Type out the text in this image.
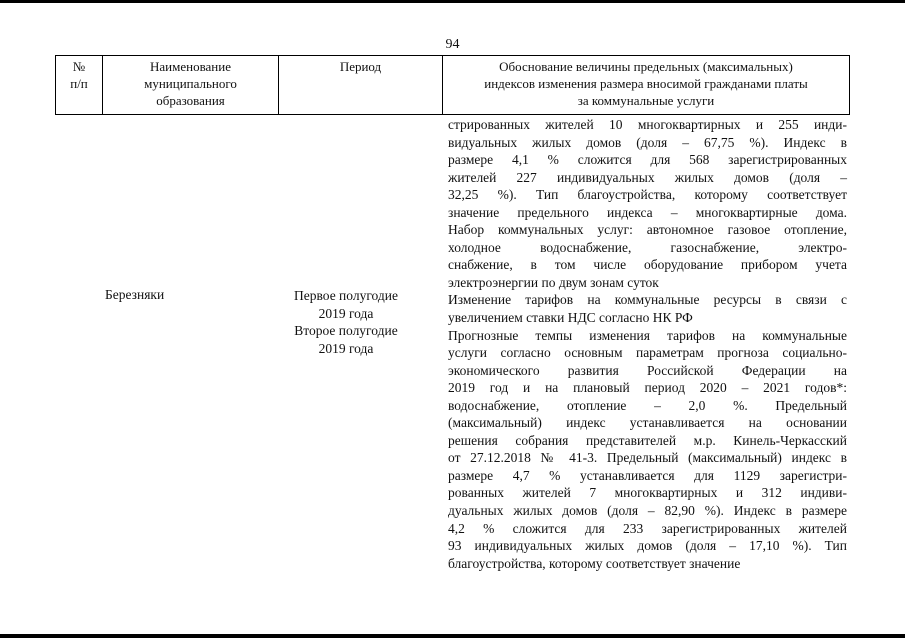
94
№
п/п
Наименование
муниципального
образования
Период	Обоснование величины предельных (максимальных)
индексов изменения размера вносимой гражданами платы
за коммунальные услуги
Березняки	Первое полугодие
2019 года
Второе полугодие
2019 года
стрированных жителей 10 многоквартирных и 255 инди-
видуальных жилых домов (доля – 67,75 %). Индекс в
размере 4,1 % сложится для 568 зарегистрированных
жителей 227 индивидуальных жилых домов (доля –
32,25 %). Тип благоустройства, которому соответствует
значение предельного индекса – многоквартирные дома.
Набор коммунальных услуг: автономное газовое отопление,
холодное водоснабжение, газоснабжение, электро-
снабжение, в том числе оборудование прибором учета
электроэнергии по двум зонам суток
Изменение тарифов на коммунальные ресурсы в связи с
увеличением ставки НДС согласно НК РФ
Прогнозные темпы изменения тарифов на коммунальные
услуги согласно основным параметрам прогноза социально-
экономического развития Российской Федерации на
2019 год и на плановый период 2020 – 2021 годов*:
водоснабжение, отопление – 2,0 %. Предельный
(максимальный) индекс устанавливается на основании
решения собрания представителей м.р. Кинель-Черкасский
от 27.12.2018 № 41-3. Предельный (максимальный) индекс в
размере 4,7 % устанавливается для 1129 зарегистри-
рованных жителей 7 многоквартирных и 312 индиви-
дуальных жилых домов (доля – 82,90 %). Индекс в размере
4,2 % сложится для 233 зарегистрированных жителей
93 индивидуальных жилых домов (доля – 17,10 %). Тип
благоустройства, которому соответствует значение
